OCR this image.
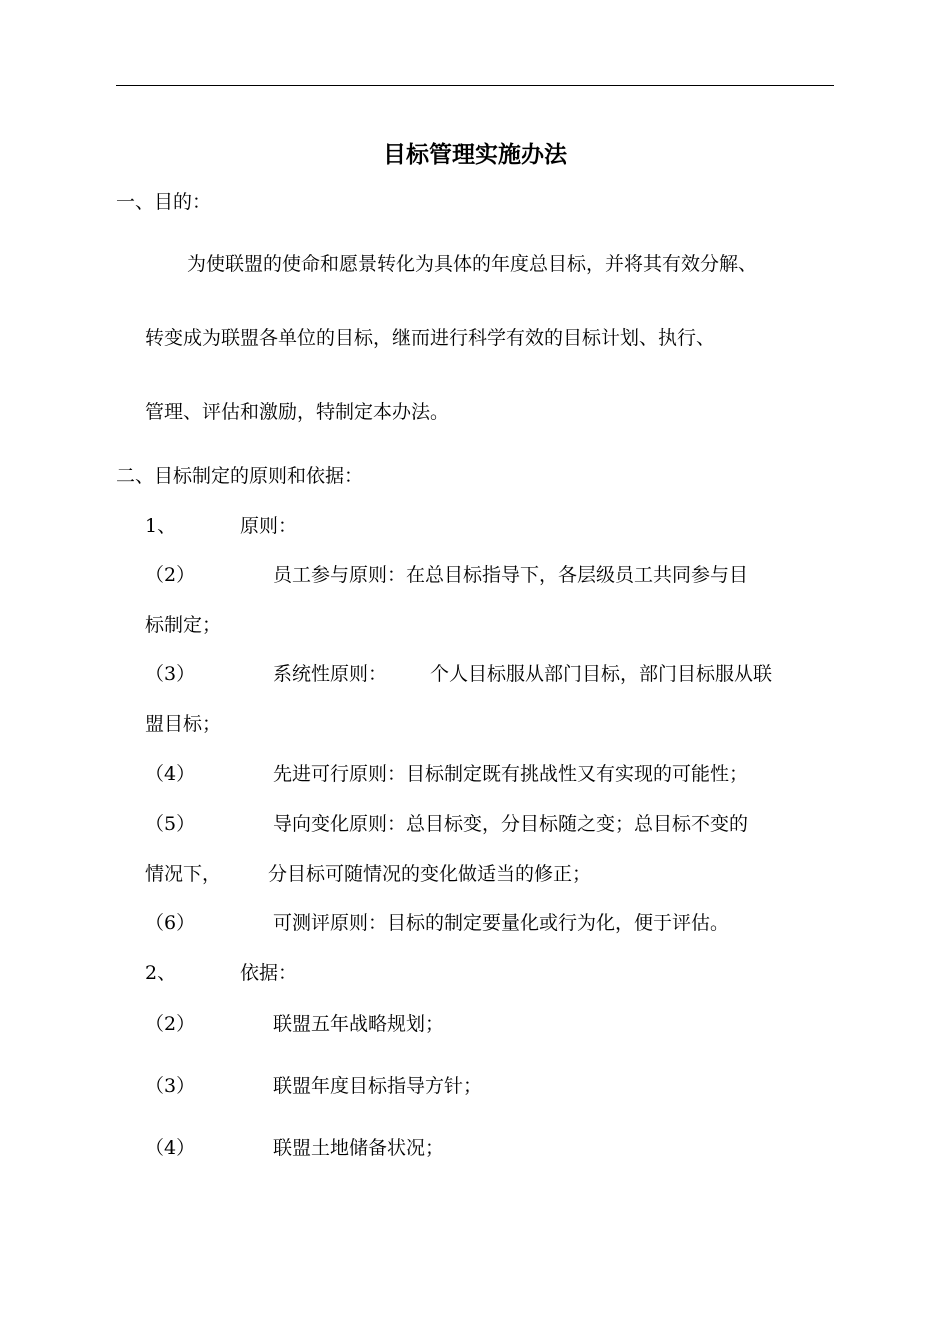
目标管理实施办法
一、目的：
为使联盟的使命和愿景转化为具体的年度总目标，并将其有效分解、
转变成为联盟各单位的目标，继而进行科学有效的目标计划、执行、
管理、评估和激励，特制定本办法。
二、目标制定的原则和依据：
1、	原则：
（2）	员工参与原则：在总目标指导下，各层级员工共同参与目
标制定；
（3）	系统性原则： 个人目标服从部门目标，部门目标服从联
盟目标；
（4）	先进可行原则：目标制定既有挑战性又有实现的可能性；
（5）	导向变化原则：总目标变，分目标随之变；总目标不变的
情况下， 分目标可随情况的变化做适当的修正；
（6）	可测评原则：目标的制定要量化或行为化，便于评估。
2、	依据：
（2）	联盟五年战略规划；
（3）	联盟年度目标指导方针；
（4）	联盟土地储备状况；
